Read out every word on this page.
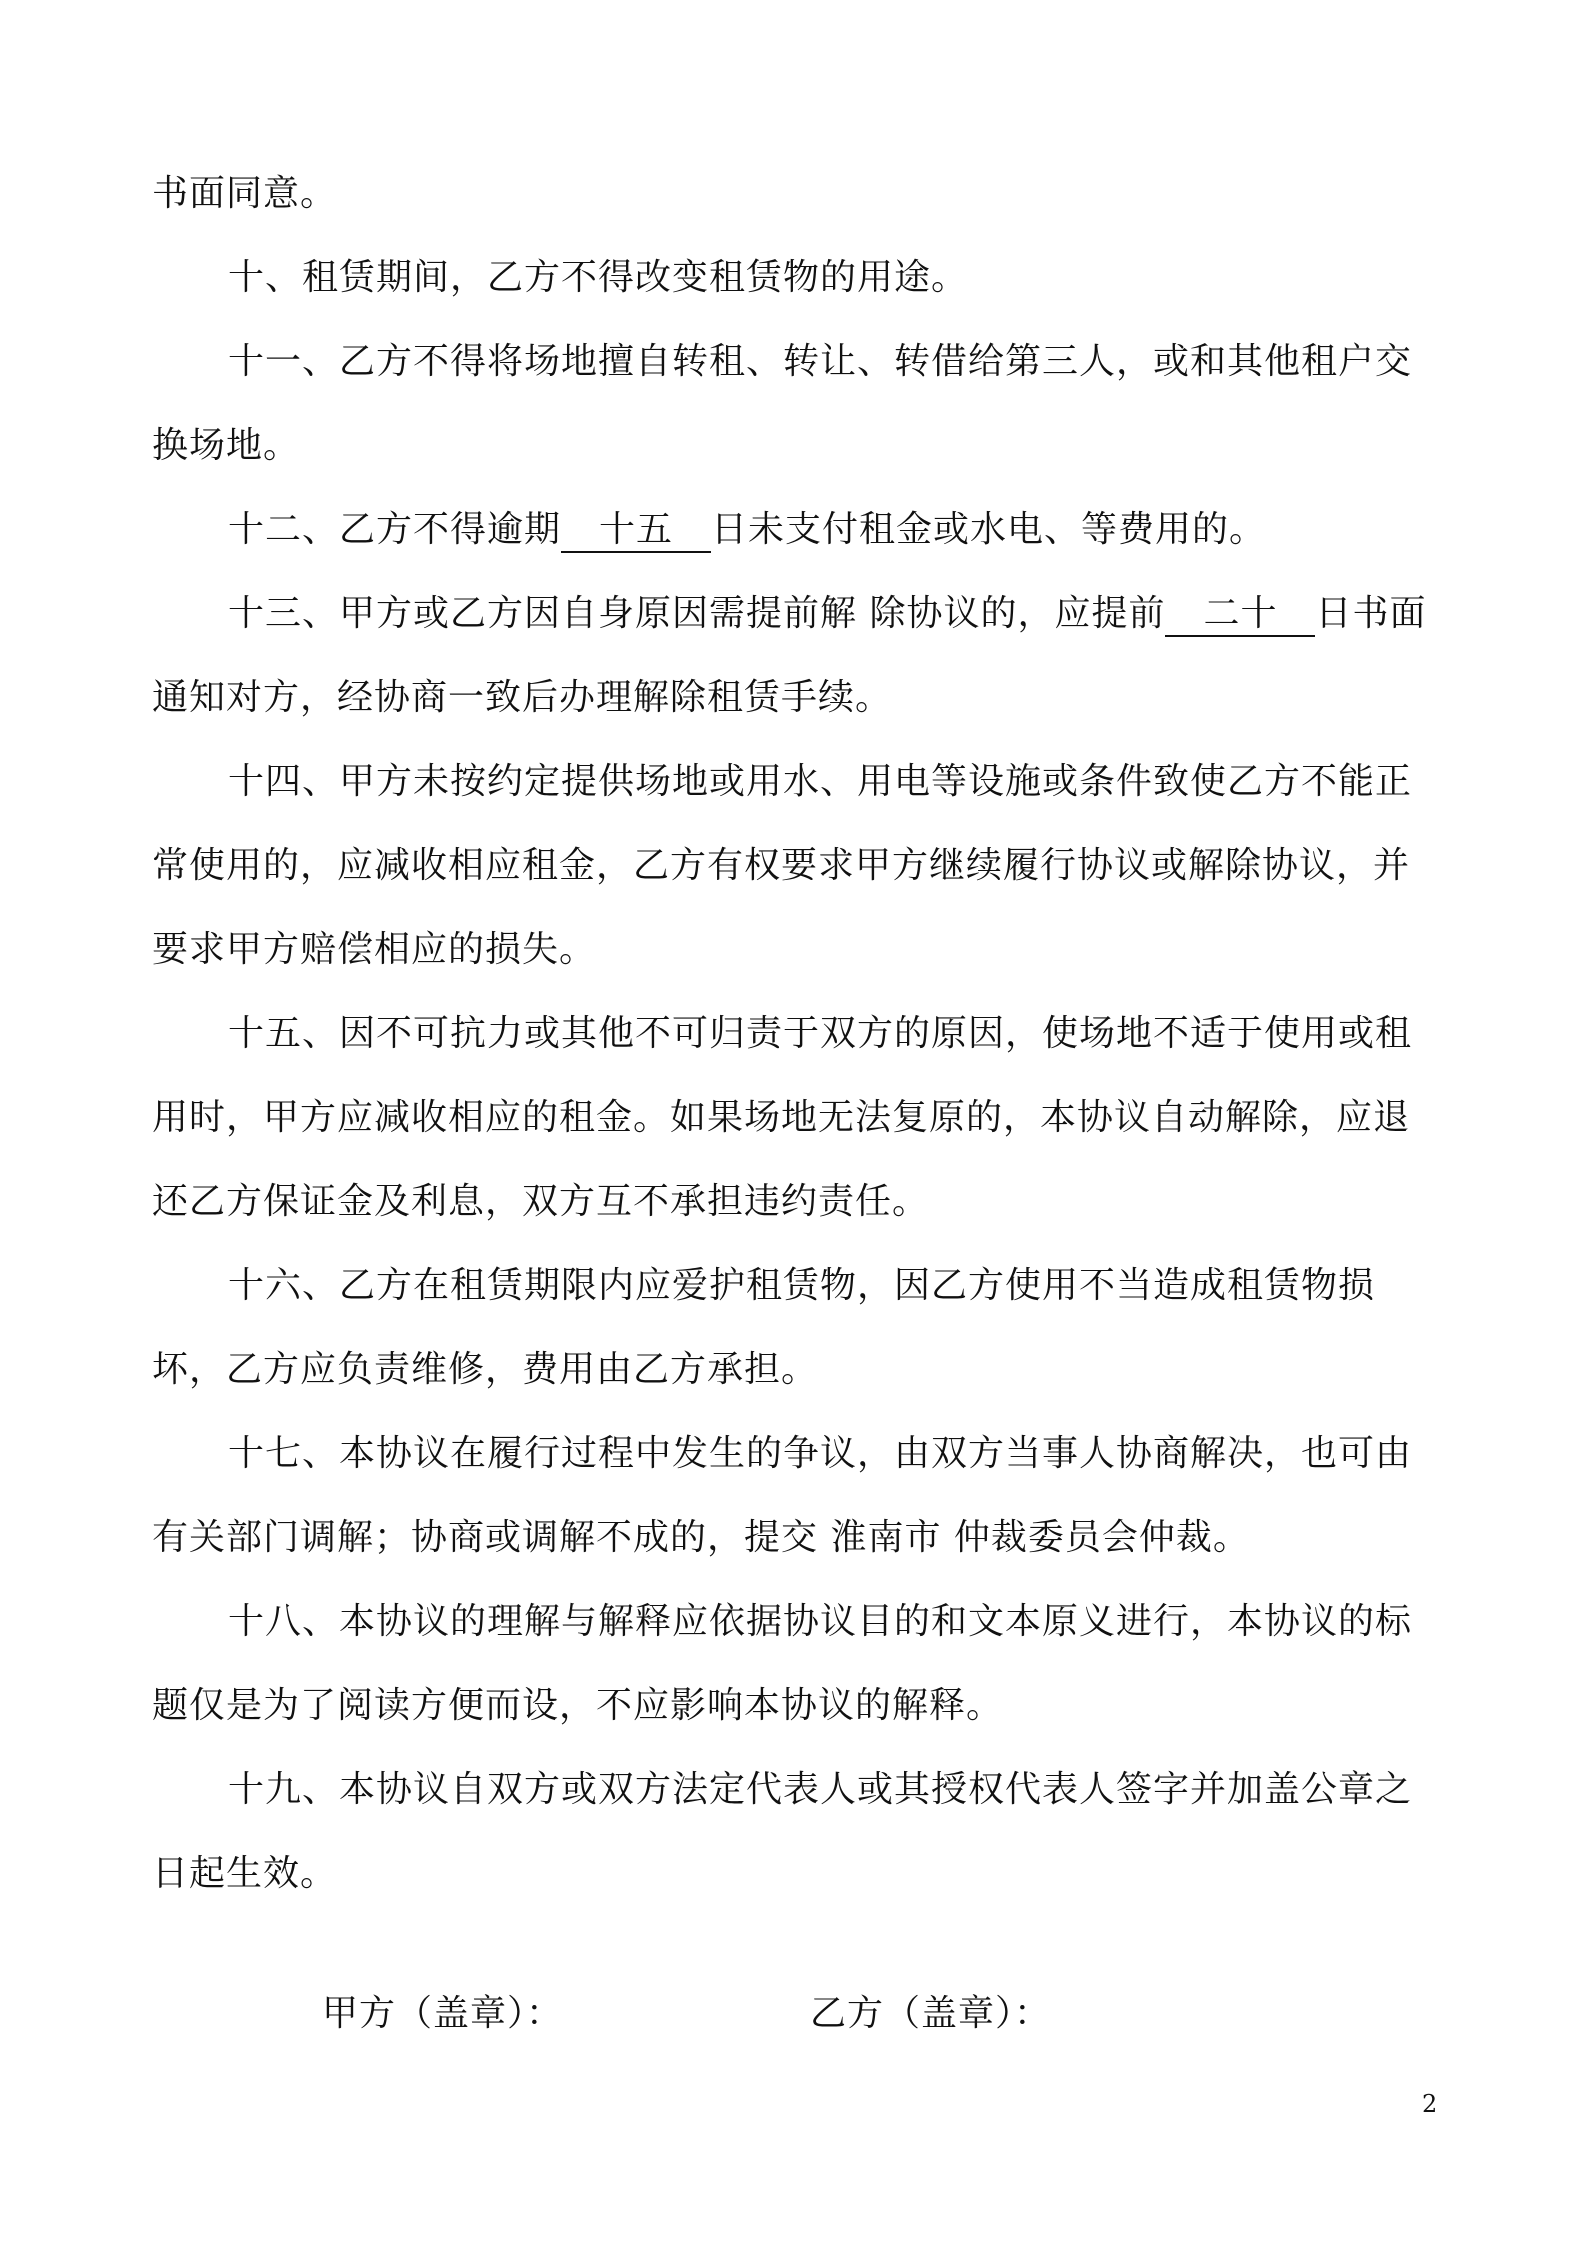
书面同意。

十、租赁期间，乙方不得改变租赁物的用途。

十一、乙方不得将场地擅自转租、转让、转借给第三人，或和其他租户交换场地。

十二、乙方不得逾期 十五 日未支付租金或水电、等费用的。

十三、甲方或乙方因自身原因需提前解 除协议的，应提前 二十 日书面通知对方，经协商一致后办理解除租赁手续。

十四、甲方未按约定提供场地或用水、用电等设施或条件致使乙方不能正常使用的，应减收相应租金，乙方有权要求甲方继续履行协议或解除协议，并要求甲方赔偿相应的损失。

十五、因不可抗力或其他不可归责于双方的原因，使场地不适于使用或租用时，甲方应减收相应的租金。如果场地无法复原的，本协议自动解除，应退还乙方保证金及利息，双方互不承担违约责任。

十六、乙方在租赁期限内应爱护租赁物，因乙方使用不当造成租赁物损坏，乙方应负责维修，费用由乙方承担。

十七、本协议在履行过程中发生的争议，由双方当事人协商解决，也可由有关部门调解；协商或调解不成的，提交 淮南市 仲裁委员会仲裁。

十八、本协议的理解与解释应依据协议目的和文本原义进行，本协议的标题仅是为了阅读方便而设，不应影响本协议的解释。

十九、本协议自双方或双方法定代表人或其授权代表人签字并加盖公章之日起生效。

甲方（盖章）：	乙方（盖章）：
2
